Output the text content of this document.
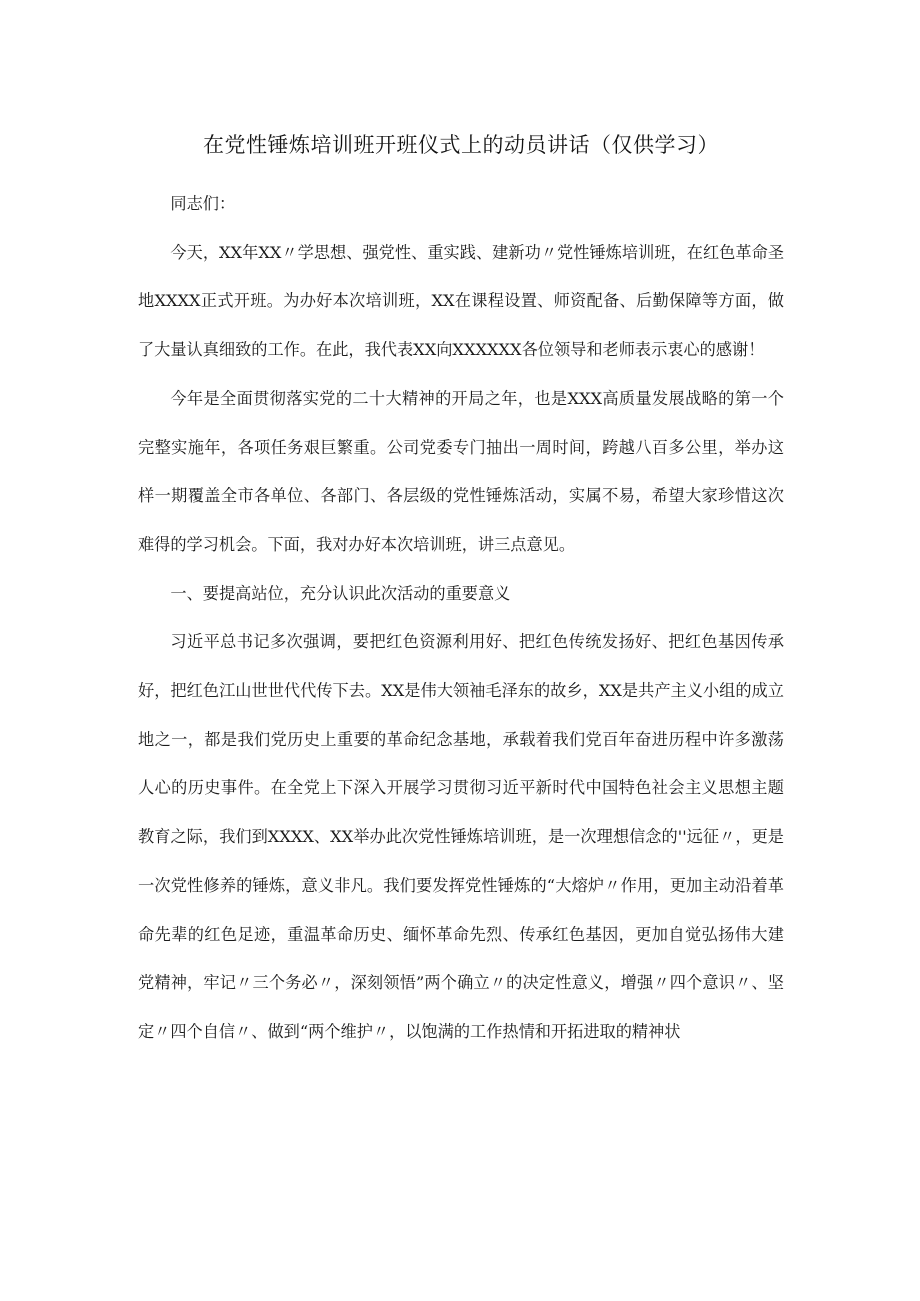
在党性锤炼培训班开班仪式上的动员讲话（仅供学习）

同志们：

今天，XX年XX〃学思想、强党性、重实践、建新功〃党性锤炼培训班，在红色革命圣地XXXX正式开班。为办好本次培训班，XX在课程设置、师资配备、后勤保障等方面，做了大量认真细致的工作。在此，我代表XX向XXXXXX各位领导和老师表示衷心的感谢！

今年是全面贯彻落实党的二十大精神的开局之年，也是XXX高质量发展战略的第一个完整实施年，各项任务艰巨繁重。公司党委专门抽出一周时间，跨越八百多公里，举办这样一期覆盖全市各单位、各部门、各层级的党性锤炼活动，实属不易，希望大家珍惜这次难得的学习机会。下面，我对办好本次培训班，讲三点意见。

一、要提高站位，充分认识此次活动的重要意义

习近平总书记多次强调，要把红色资源利用好、把红色传统发扬好、把红色基因传承好，把红色江山世世代代传下去。XX是伟大领袖毛泽东的故乡，XX是共产主义小组的成立地之一，都是我们党历史上重要的革命纪念基地，承载着我们党百年奋进历程中许多激荡人心的历史事件。在全党上下深入开展学习贯彻习近平新时代中国特色社会主义思想主题教育之际，我们到XXXX、XX举办此次党性锤炼培训班，是一次理想信念的''远征〃，更是一次党性修养的锤炼，意义非凡。我们要发挥党性锤炼的“大熔炉〃作用，更加主动沿着革命先辈的红色足迹，重温革命历史、缅怀革命先烈、传承红色基因，更加自觉弘扬伟大建党精神，牢记〃三个务必〃，深刻领悟”两个确立〃的决定性意义，增强〃四个意识〃、坚定〃四个自信〃、做到“两个维护〃，以饱满的工作热情和开拓进取的精神状
